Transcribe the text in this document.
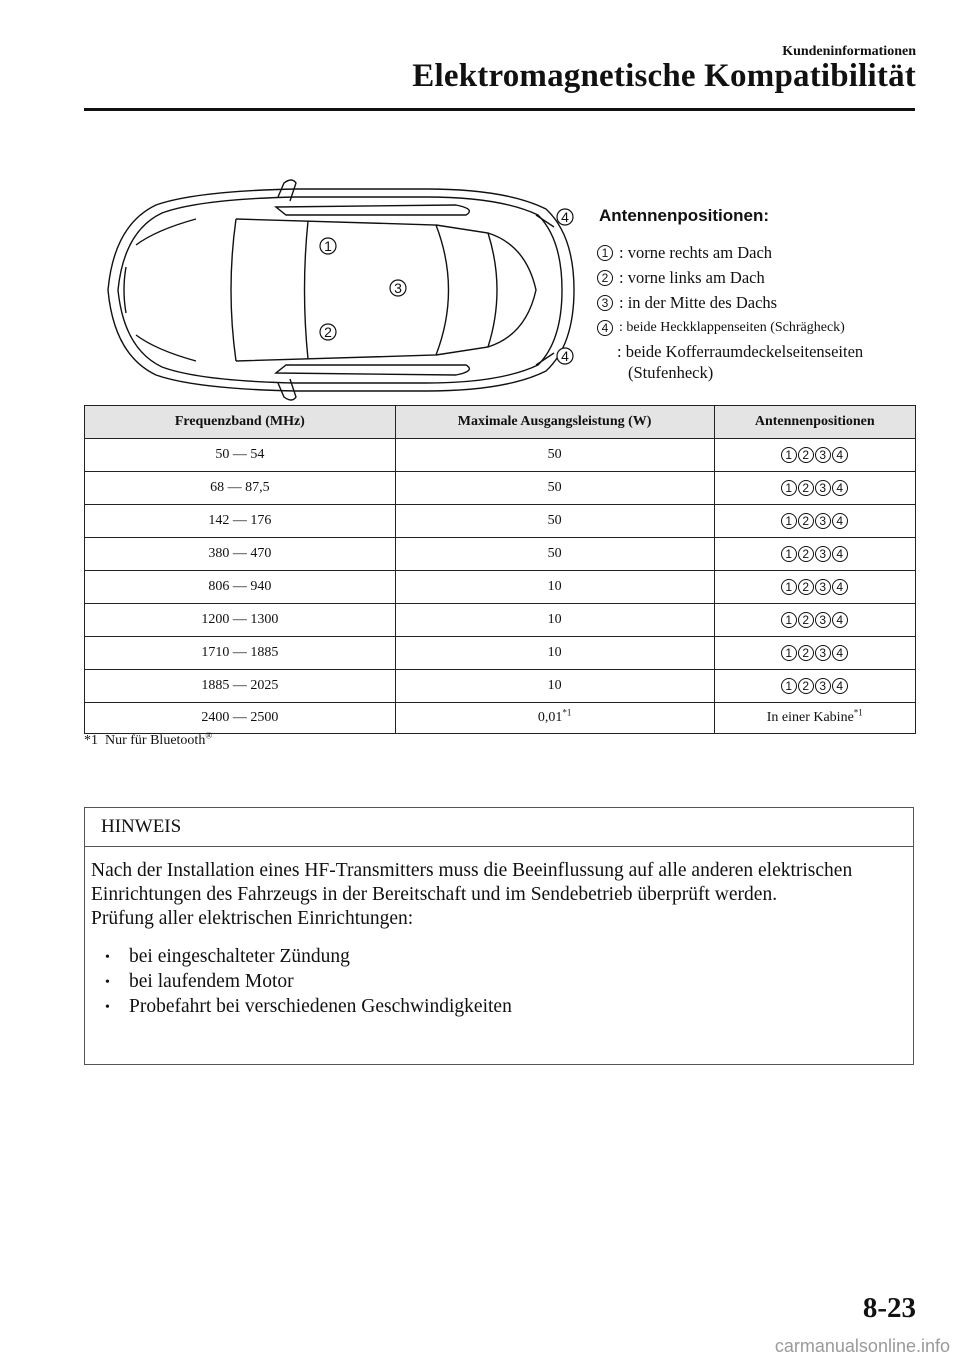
Kundeninformationen
Elektromagnetische Kompatibilität
1
2
3
4
4
Antennenpositionen:
1 : vorne rechts am Dach
2 : vorne links am Dach
3 : in der Mitte des Dachs
4 : beide Heckklappenseiten (Schrägheck)
: beide Kofferraumdeckelseitenseiten
(Stufenheck)
Frequenzband (MHz)	Maximale Ausgangsleistung (W)	Antennenpositionen
50 — 54	50	1 2 3 4
68 — 87,5	50	1 2 3 4
142 — 176	50	1 2 3 4
380 — 470	50	1 2 3 4
806 — 940	10	1 2 3 4
1200 — 1300	10	1 2 3 4
1710 — 1885	10	1 2 3 4
1885 — 2025	10	1 2 3 4
2400 — 2500	0,01$^{*1}$	In einer Kabine$^{*1}$
*1 Nur für Bluetooth®
HINWEIS

Nach der Installation eines HF-Transmitters muss die Beeinflussung auf alle anderen elektrischen Einrichtungen des Fahrzeugs in der Bereitschaft und im Sendebetrieb überprüft werden.

Prüfung aller elektrischen Einrichtungen:

• bei eingeschalteter Zündung
• bei laufendem Motor
• Probefahrt bei verschiedenen Geschwindigkeiten
8-23
carmanualsonline.info
